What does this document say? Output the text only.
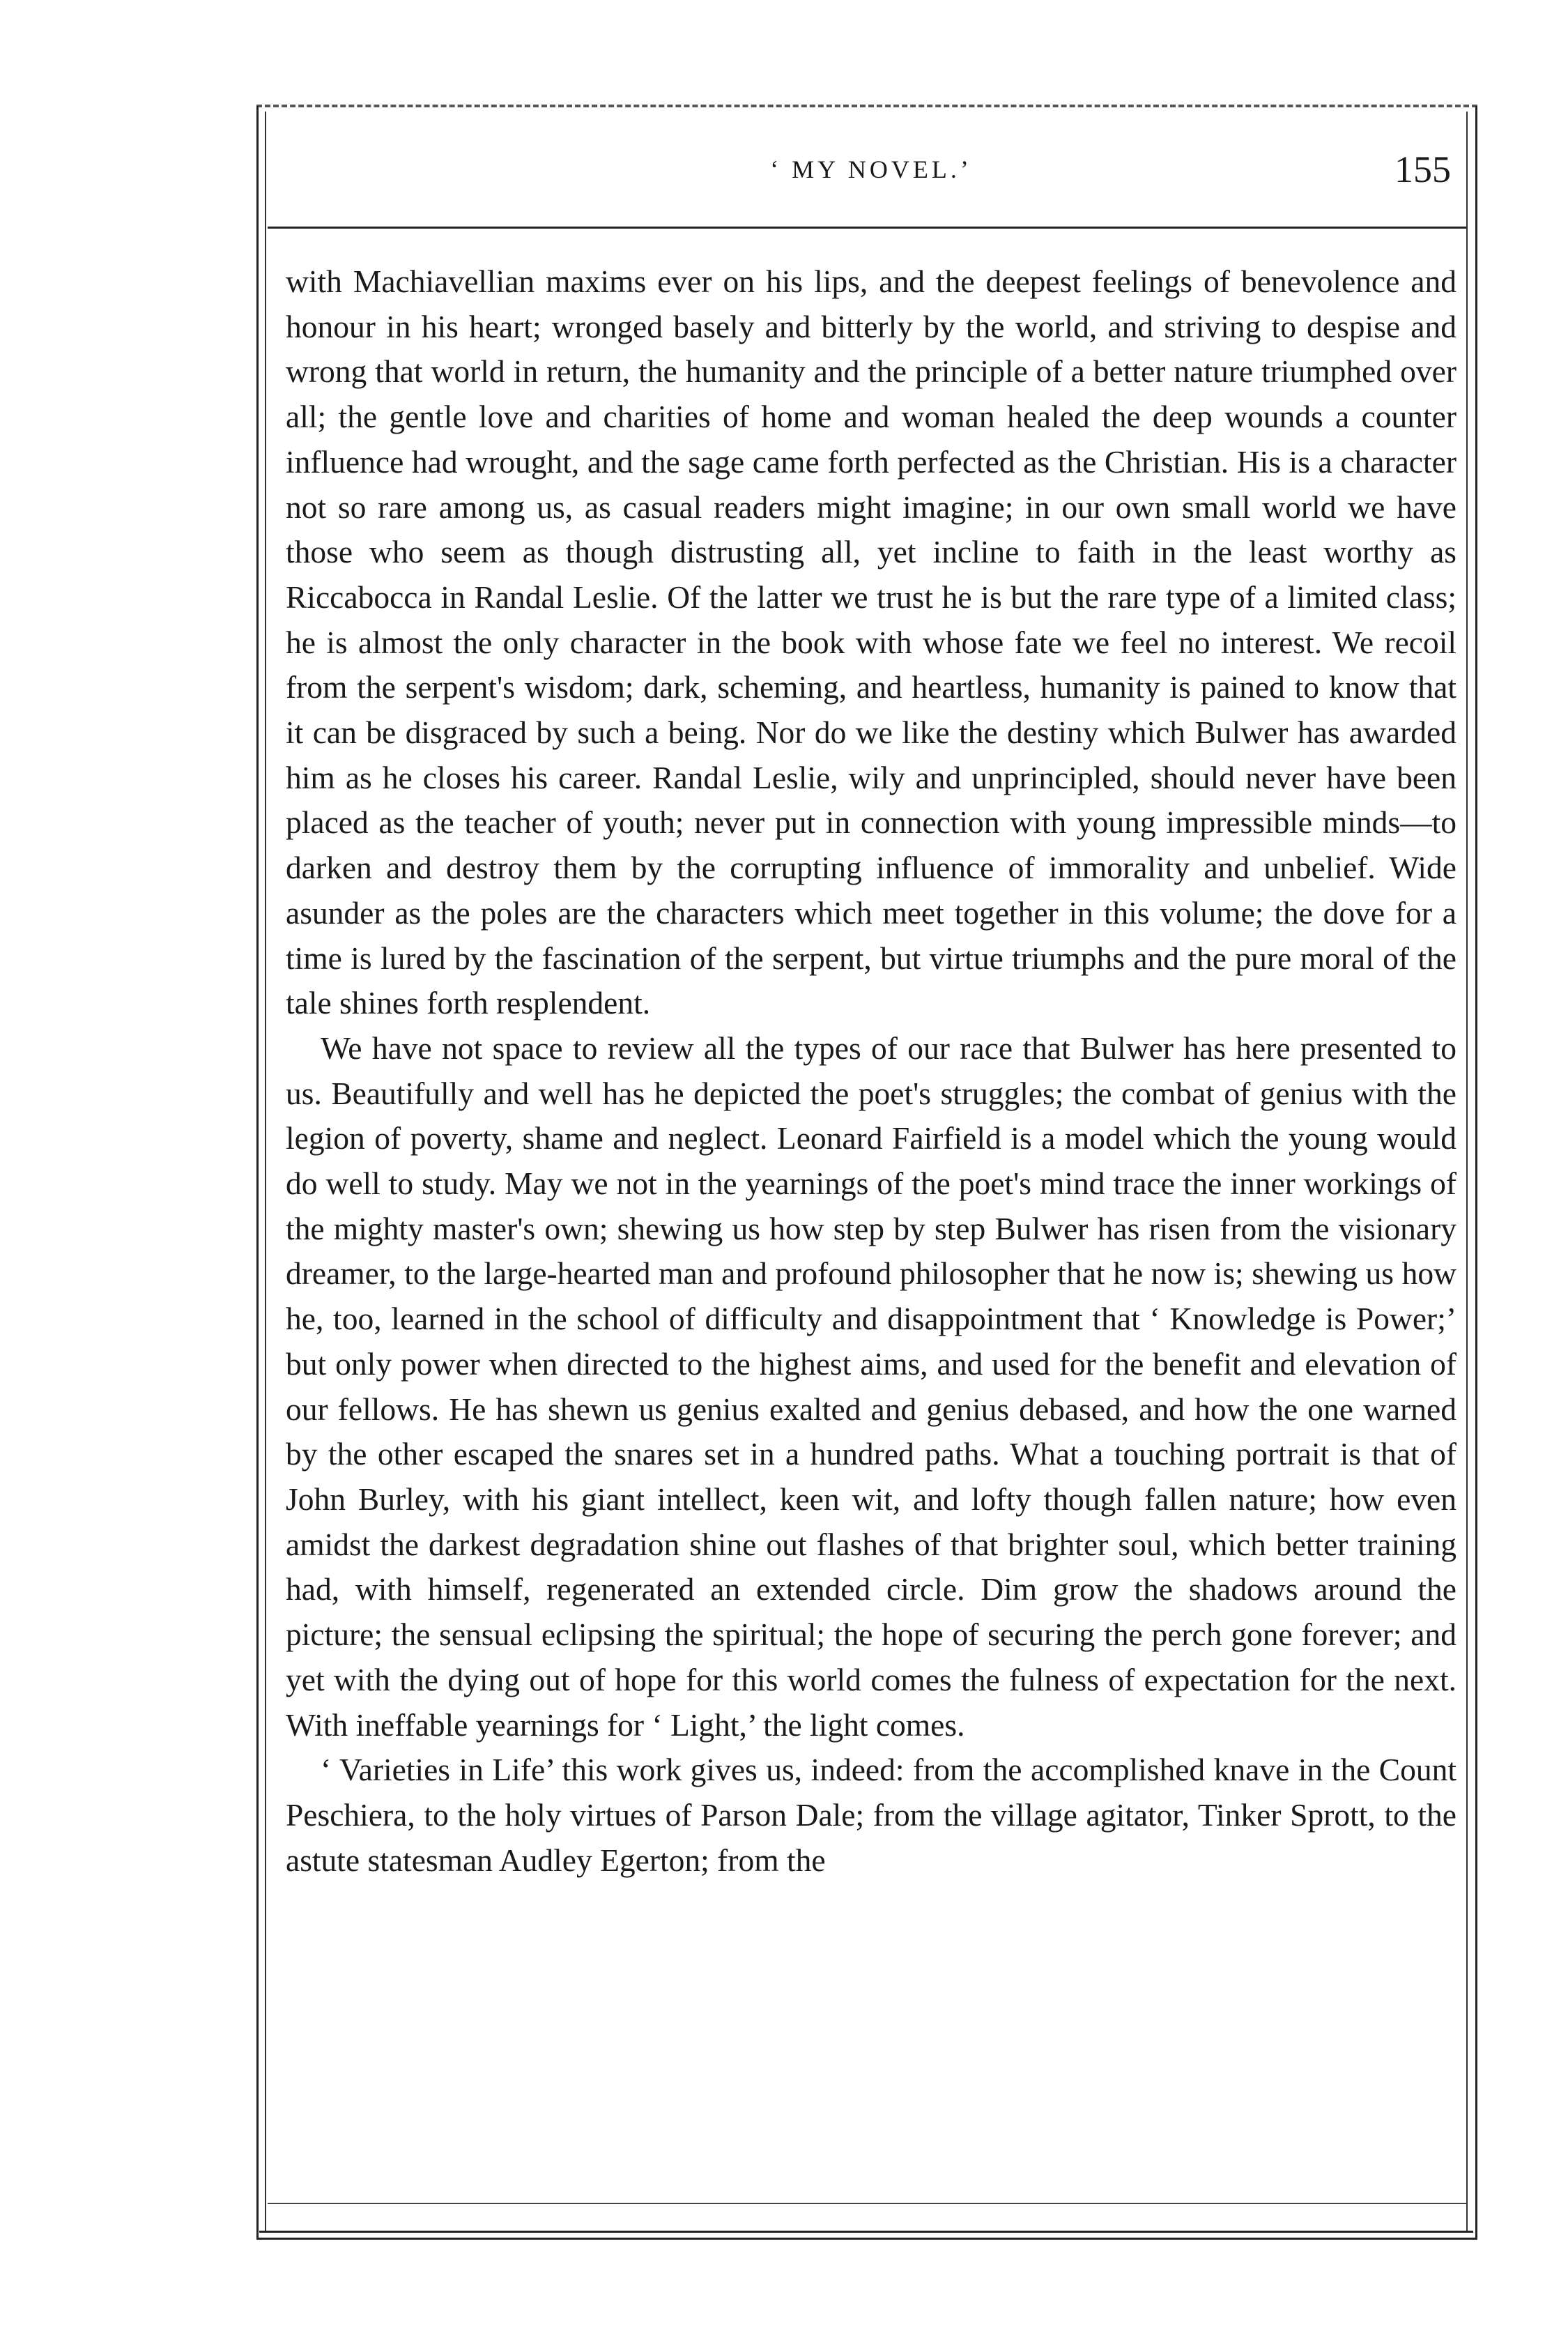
‘ MY NOVEL.’	155

with Machiavellian maxims ever on his lips, and the deepest feelings of benevolence and honour in his heart; wronged basely and bitterly by the world, and striving to despise and wrong that world in return, the humanity and the principle of a better nature triumphed over all; the gentle love and charities of home and woman healed the deep wounds a counter influence had wrought, and the sage came forth perfected as the Christian. His is a character not so rare among us, as casual readers might imagine; in our own small world we have those who seem as though distrusting all, yet incline to faith in the least worthy as Riccabocca in Randal Leslie. Of the latter we trust he is but the rare type of a limited class; he is almost the only character in the book with whose fate we feel no interest. We recoil from the serpent's wisdom; dark, scheming, and heartless, humanity is pained to know that it can be disgraced by such a being. Nor do we like the destiny which Bulwer has awarded him as he closes his career. Randal Leslie, wily and unprincipled, should never have been placed as the teacher of youth; never put in connection with young impressible minds—to darken and destroy them by the corrupting influence of immorality and unbelief. Wide asunder as the poles are the characters which meet together in this volume; the dove for a time is lured by the fascination of the serpent, but virtue triumphs and the pure moral of the tale shines forth resplendent.

We have not space to review all the types of our race that Bulwer has here presented to us. Beautifully and well has he depicted the poet's struggles; the combat of genius with the legion of poverty, shame and neglect. Leonard Fairfield is a model which the young would do well to study. May we not in the yearnings of the poet's mind trace the inner workings of the mighty master's own; shewing us how step by step Bulwer has risen from the visionary dreamer, to the large-hearted man and profound philosopher that he now is; shewing us how he, too, learned in the school of difficulty and disappointment that ‘ Knowledge is Power;’ but only power when directed to the highest aims, and used for the benefit and elevation of our fellows. He has shewn us genius exalted and genius debased, and how the one warned by the other escaped the snares set in a hundred paths. What a touching portrait is that of John Burley, with his giant intellect, keen wit, and lofty though fallen nature; how even amidst the darkest degradation shine out flashes of that brighter soul, which better training had, with himself, regenerated an extended circle. Dim grow the shadows around the picture; the sensual eclipsing the spiritual; the hope of securing the perch gone forever; and yet with the dying out of hope for this world comes the fulness of expectation for the next. With ineffable yearnings for ‘ Light,’ the light comes.

‘ Varieties in Life’ this work gives us, indeed: from the accomplished knave in the Count Peschiera, to the holy virtues of Parson Dale; from the village agitator, Tinker Sprott, to the astute statesman Audley Egerton; from the
